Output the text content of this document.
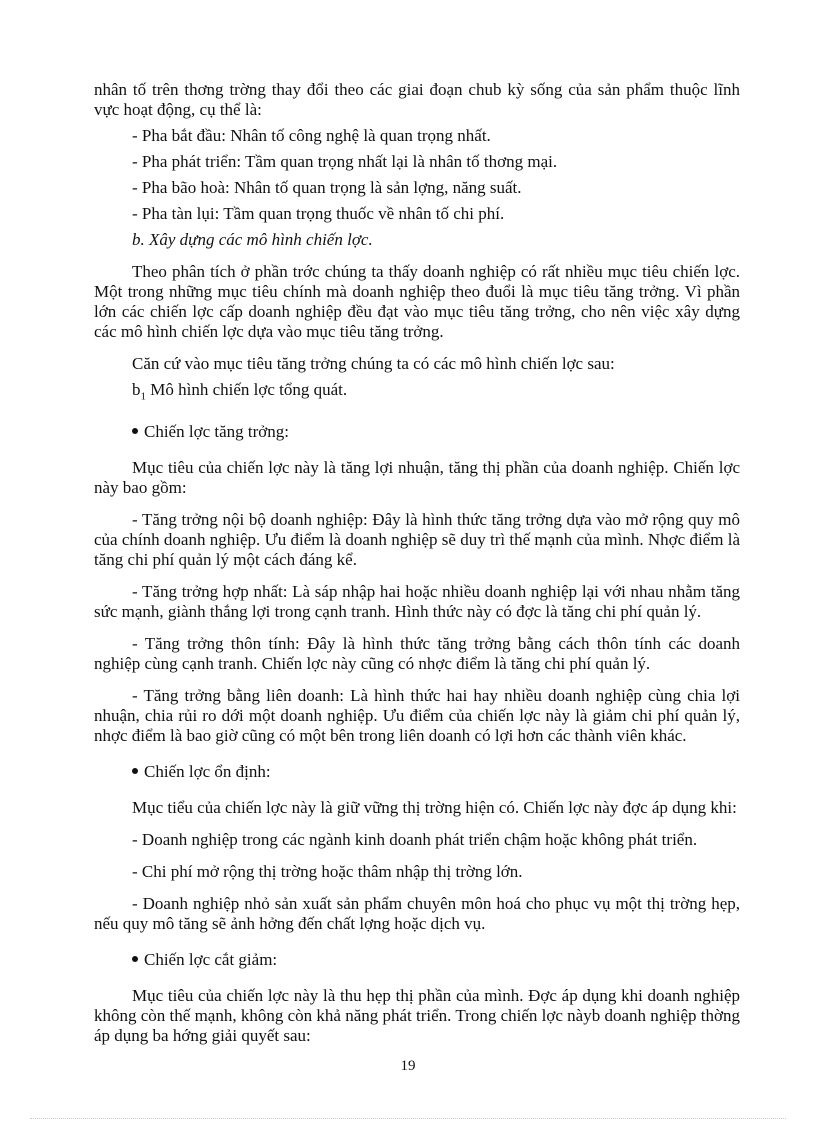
nhân tố trên thơng trờng thay đổi theo các giai đoạn chub kỳ sống của sản phẩm thuộc lĩnh vực hoạt động, cụ thể là:

- Pha bắt đầu: Nhân tố công nghệ là quan trọng nhất.

- Pha phát triển: Tầm quan trọng nhất lại là nhân tố thơng mại.

- Pha bão hoà: Nhân tố quan trọng là sản lợng, năng suất.

- Pha tàn lụi: Tầm quan trọng thuốc về nhân tố chi phí.

b. Xây dựng các mô hình chiến lợc.

Theo phân tích ở phần trớc chúng ta thấy doanh nghiệp có rất nhiều mục tiêu chiến lợc. Một trong những mục tiêu chính mà doanh nghiệp theo đuổi là mục tiêu tăng trởng. Vì phần lớn các chiến lợc cấp doanh nghiệp đều đạt vào mục tiêu tăng trởng, cho nên việc xây dựng các mô hình chiến lợc dựa vào mục tiêu tăng trởng.

Căn cứ vào mục tiêu tăng trởng chúng ta có các mô hình chiến lợc sau:

$b_1$ Mô hình chiến lợc tổng quát.

Chiến lợc tăng trởng:

Mục tiêu của chiến lợc này là tăng lợi nhuận, tăng thị phần của doanh nghiệp. Chiến lợc này bao gồm:

- Tăng trởng nội bộ doanh nghiệp: Đây là hình thức tăng trởng dựa vào mở rộng quy mô của chính doanh nghiệp. Ưu điểm là doanh nghiệp sẽ duy trì thế mạnh của mình. Nhợc điểm là tăng chi phí quản lý một cách đáng kể.

- Tăng trởng hợp nhất: Là sáp nhập hai hoặc nhiều doanh nghiệp lại với nhau nhằm tăng sức mạnh, giành thắng lợi trong cạnh tranh. Hình thức này có đợc là tăng chi phí quản lý.

- Tăng trởng thôn tính: Đây là hình thức tăng trởng bằng cách thôn tính các doanh nghiệp cùng cạnh tranh. Chiến lợc này cũng có nhợc điểm là tăng chi phí quản lý.

- Tăng trởng bằng liên doanh: Là hình thức hai hay nhiều doanh nghiệp cùng chia lợi nhuận, chia rủi ro dới một doanh nghiệp. Ưu điểm của chiến lợc này là giảm chi phí quản lý, nhợc điểm là bao giờ cũng có một bên trong liên doanh có lợi hơn các thành viên khác.

Chiến lợc ổn định:

Mục tiểu của chiến lợc này là giữ vững thị trờng hiện có. Chiến lợc này đợc áp dụng khi:

- Doanh nghiệp trong các ngành kinh doanh phát triển chậm hoặc không phát triển.

- Chi phí mở rộng thị trờng hoặc thâm nhập thị trờng lớn.

- Doanh nghiệp nhỏ sản xuất sản phẩm chuyên môn hoá cho phục vụ một thị trờng hẹp, nếu quy mô tăng sẽ ảnh hởng đến chất lợng hoặc dịch vụ.

Chiến lợc cắt giảm:

Mục tiêu của chiến lợc này là thu hẹp thị phần của mình. Đợc áp dụng khi doanh nghiệp không còn thế mạnh, không còn khả năng phát triển. Trong chiến lợc nàyb doanh nghiệp thờng áp dụng ba hớng giải quyết sau:

19
